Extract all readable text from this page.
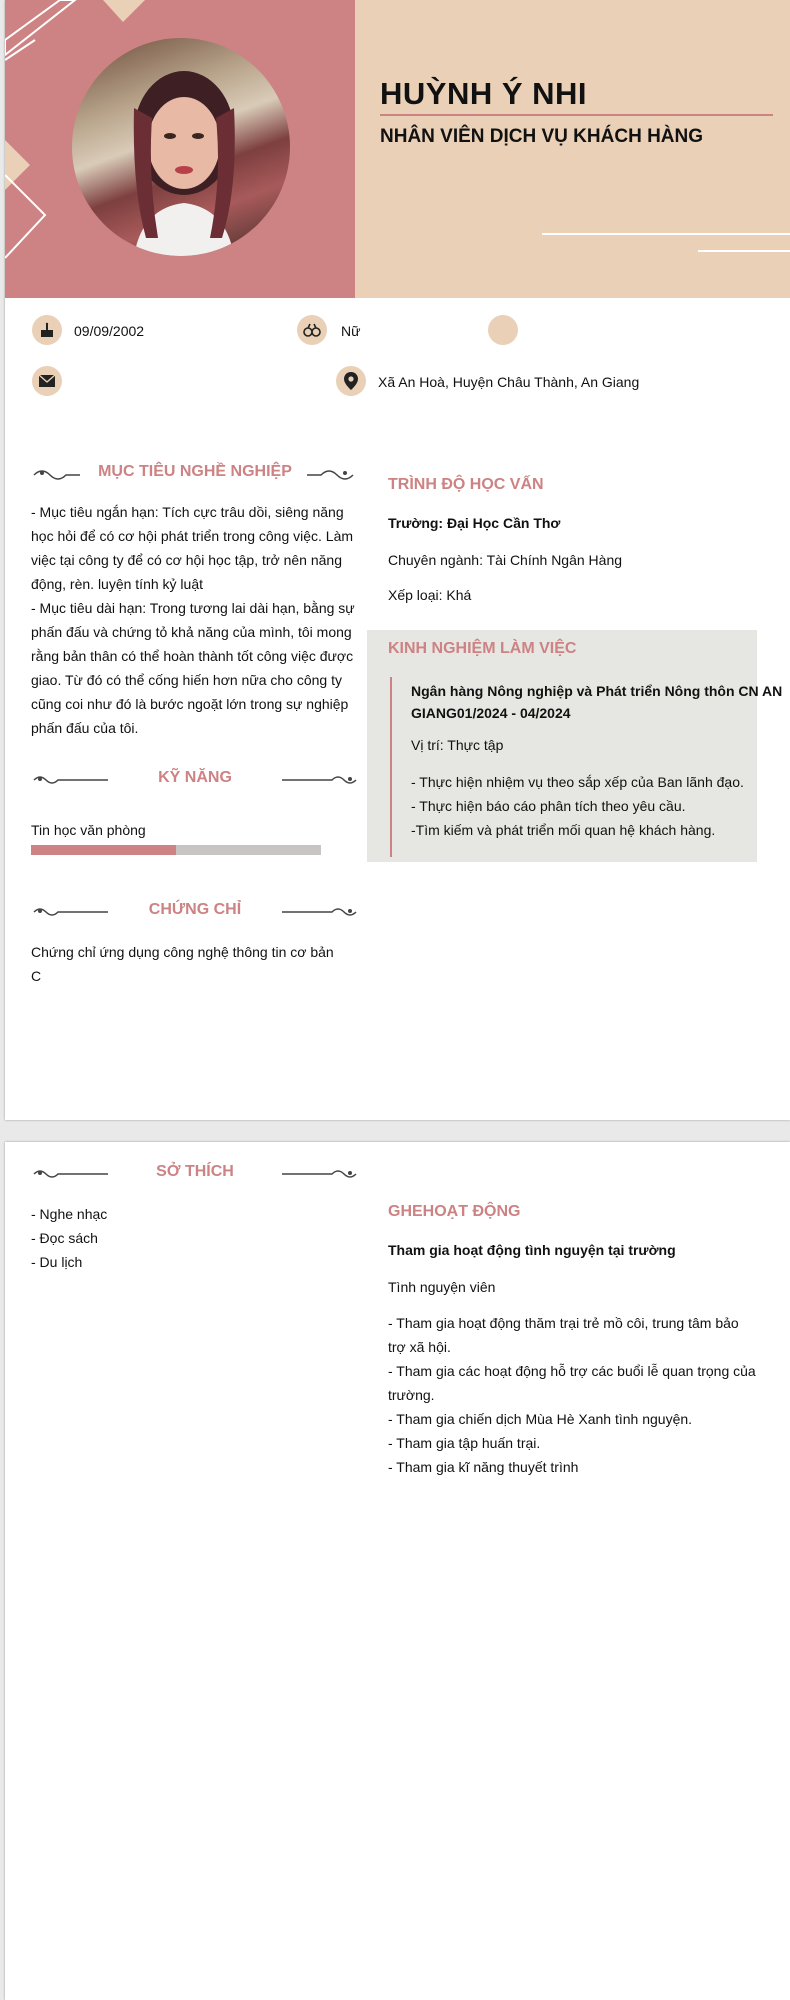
HUỲNH Ý NHI
NHÂN VIÊN DỊCH VỤ KHÁCH HÀNG
09/09/2002	Nữ
Xã An Hoà, Huyện Châu Thành, An Giang
MỤC TIÊU NGHỀ NGHIỆP
- Mục tiêu ngắn hạn: Tích cực trâu dồi, siêng năng
học hỏi để có cơ hội phát triển trong công việc. Làm
việc tại công ty để có cơ hội học tập, trở nên năng
động, rèn. luyện tính kỷ luật
- Mục tiêu dài hạn: Trong tương lai dài hạn, bằng sự
phấn đấu và chứng tỏ khả năng của mình, tôi mong
rằng bản thân có thể hoàn thành tốt công việc được
giao. Từ đó có thể cống hiến hơn nữa cho công ty
cũng coi như đó là bước ngoặt lớn trong sự nghiệp
phấn đấu của tôi.
KỸ NĂNG
Tin học văn phòng
CHỨNG CHỈ
Chứng chỉ ứng dụng công nghệ thông tin cơ bản
C
TRÌNH ĐỘ HỌC VẤN
Trường: Đại Học Cần Thơ
Chuyên ngành: Tài Chính Ngân Hàng
Xếp loại: Khá
KINH NGHIỆM LÀM VIỆC
Ngân hàng Nông nghiệp và Phát triển Nông thôn CN AN
GIANG01/2024 - 04/2024
Vị trí: Thực tập
- Thực hiện nhiệm vụ theo sắp xếp của Ban lãnh đạo.
- Thực hiện báo cáo phân tích theo yêu cầu.
-Tìm kiếm và phát triển mối quan hệ khách hàng.
SỞ THÍCH
- Nghe nhạc
- Đọc sách
- Du lịch
GHEHOẠT ĐỘNG
Tham gia hoạt động tình nguyện tại trường
Tình nguyện viên
- Tham gia hoạt động thăm trại trẻ mồ côi, trung tâm bảo
trợ xã hội.
- Tham gia các hoạt động hỗ trợ các buổi lễ quan trọng của
trường.
- Tham gia chiến dịch Mùa Hè Xanh tình nguyện.
- Tham gia tập huấn trại.
- Tham gia kĩ năng thuyết trình
